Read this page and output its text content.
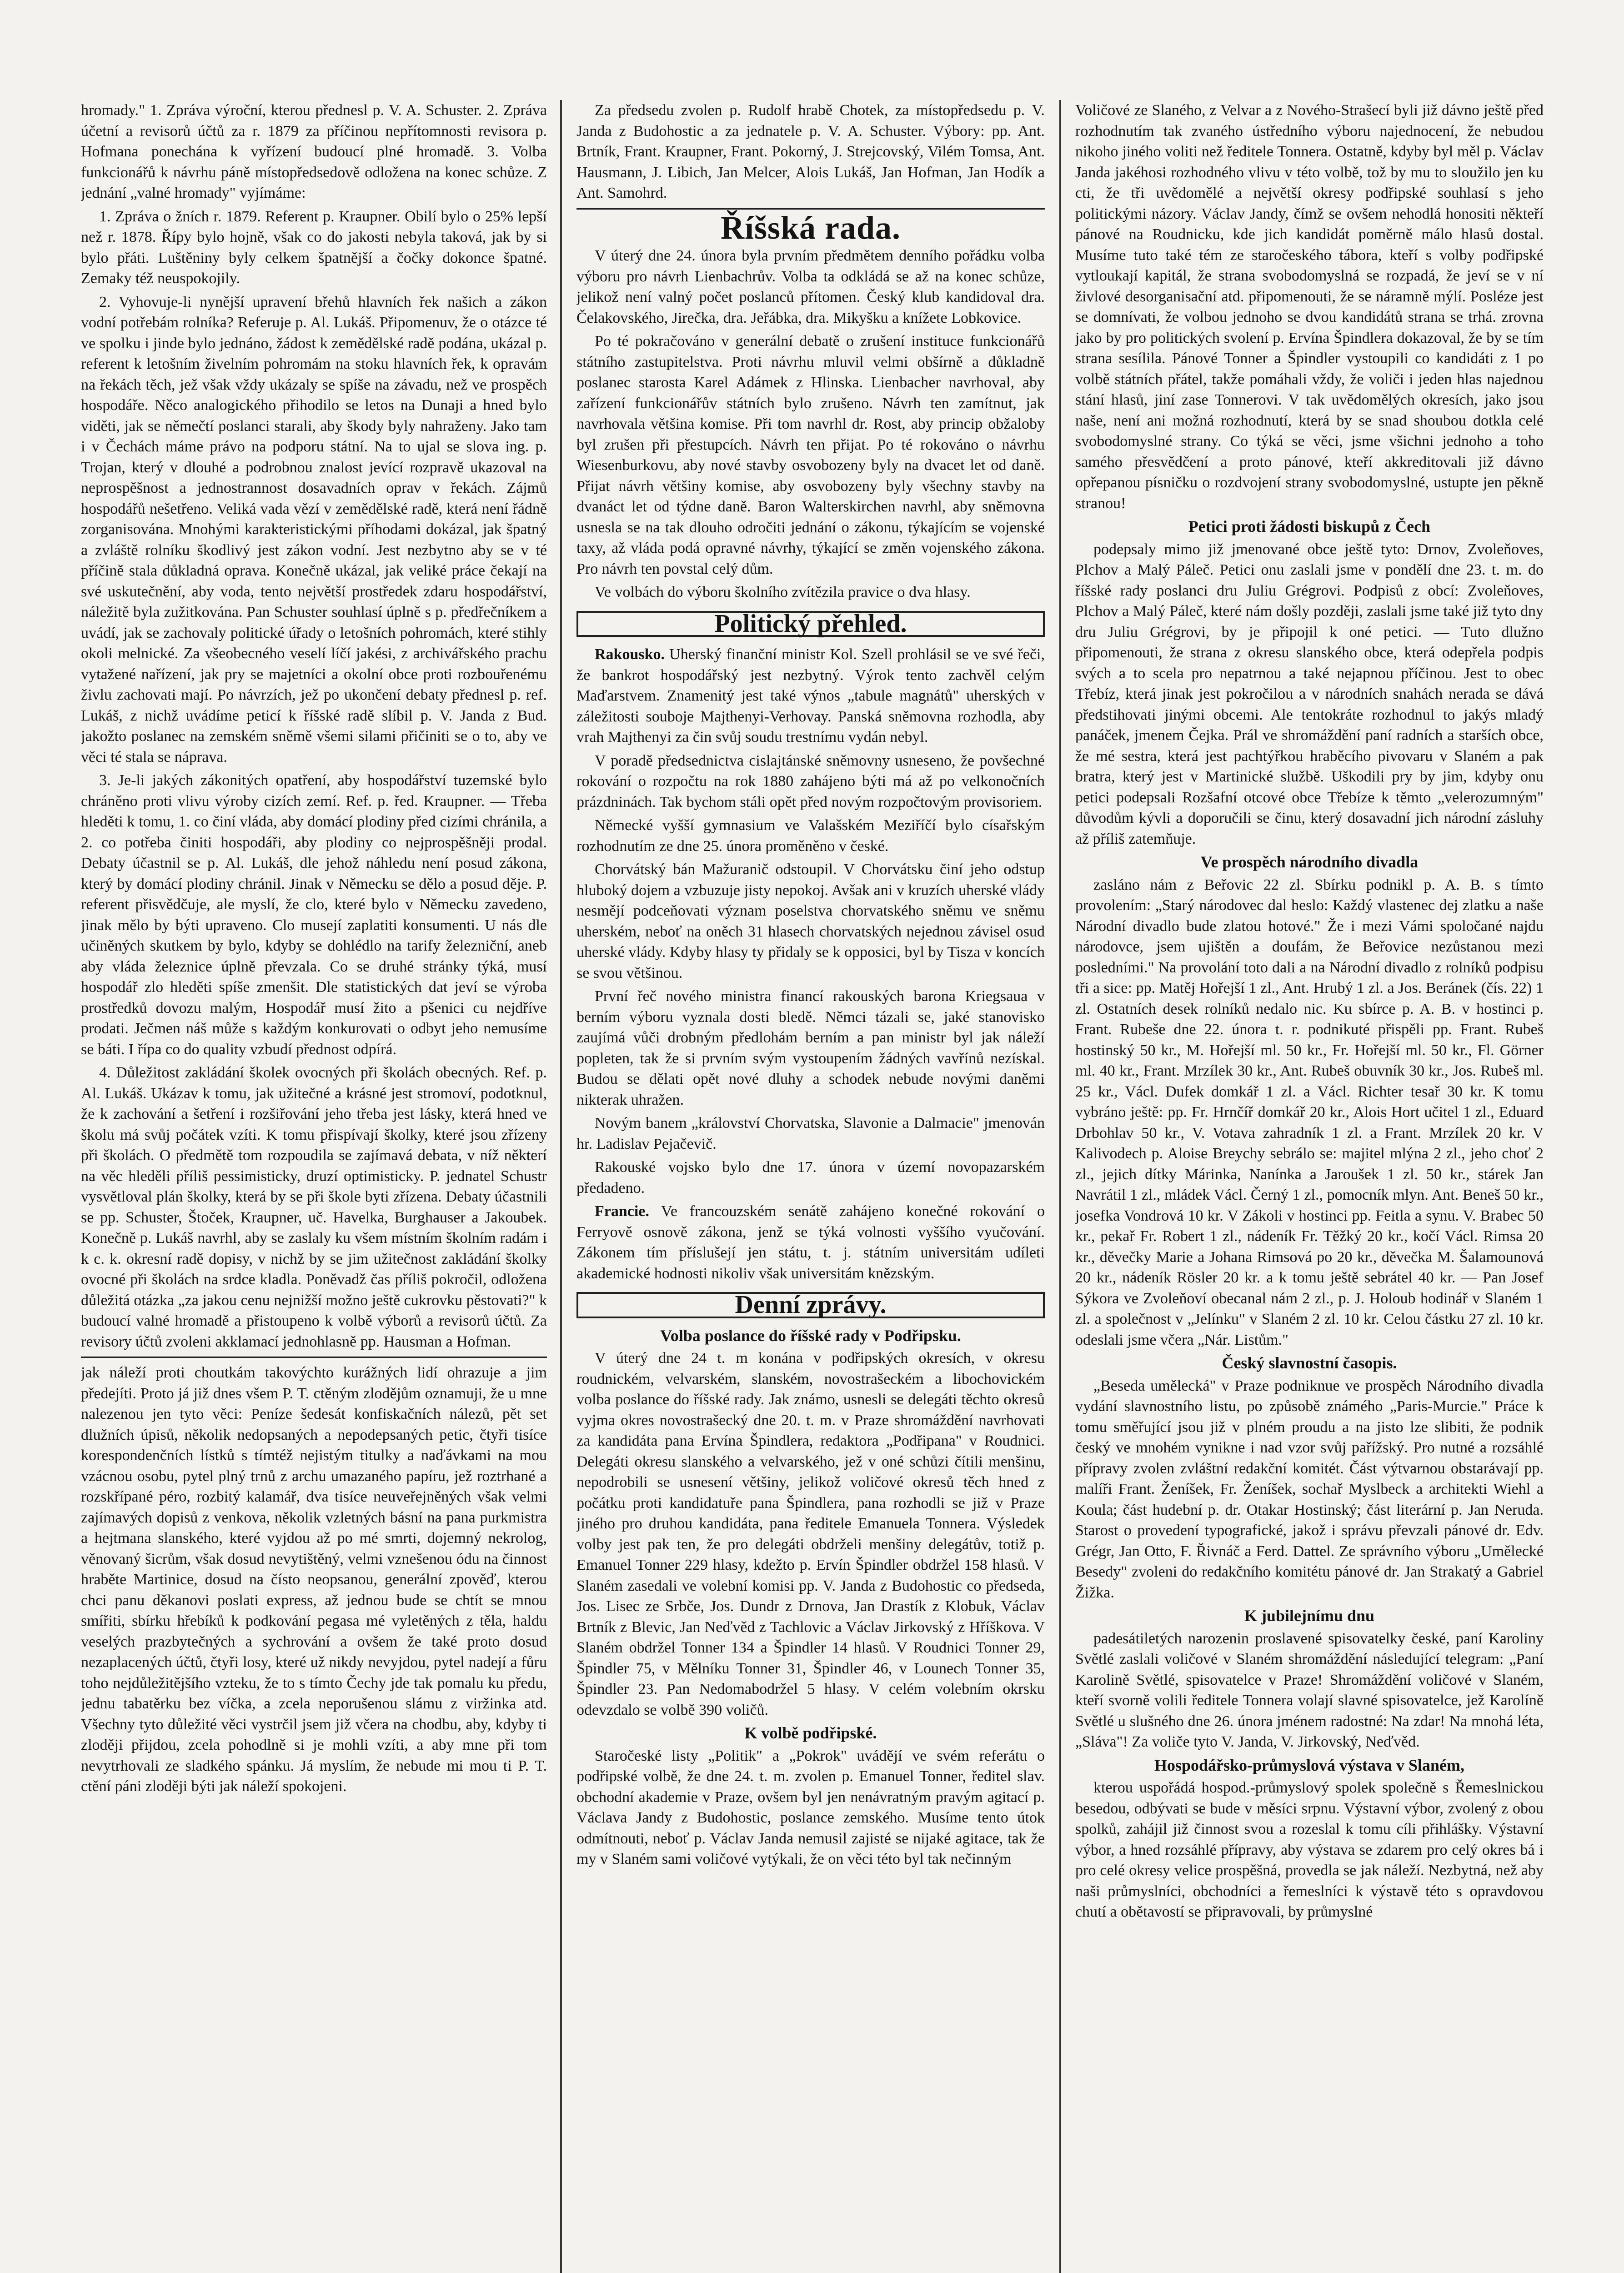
hromady." 1. Zpráva výroční, kterou přednesl p. V. A. Schuster. 2. Zpráva účetní a revisorů účtů za r. 1879 za příčinou nepřítomnosti revisora p. Hofmana ponechána k vyřízení budoucí plné hromadě. 3. Volba funkcionářů k návrhu páně místopředsedově odložena na konec schůze. Z jednání „valné hromady" vyjímáme:

1. Zpráva o žních r. 1879. Referent p. Kraupner. Obilí bylo o 25% lepší než r. 1878. Řípy bylo hojně, však co do jakosti nebyla taková, jak by si bylo přáti. Luštěniny byly celkem špatnější a čočky dokonce špatné. Zemaky též neuspokojily.

2. Vyhovuje-li nynější upravení břehů hlavních řek našich a zákon vodní potřebám rolníka? Referuje p. Al. Lukáš. Připomenuv, že o otázce té ve spolku i jinde bylo jednáno, žádost k zemědělské radě podána, ukázal p. referent k letošním živelním pohromám na stoku hlavních řek, k opravám na řekách těch, jež však vždy ukázaly se spíše na závadu, než ve prospěch hospodáře. Něco analogického přihodilo se letos na Dunaji a hned bylo viděti, jak se němečtí poslanci starali, aby škody byly nahraženy. Jako tam i v Čechách máme právo na podporu státní. Na to ujal se slova ing. p. Trojan, který v dlouhé a podrobnou znalost jevící rozpravě ukazoval na neprospěšnost a jednostrannost dosavadních oprav v řekách. Zájmů hospodářů nešetřeno. Veliká vada vězí v zemědělské radě, která není řádně zorganisována. Mnohými karakteristickými příhodami dokázal, jak špatný a zvláště rolníku škodlivý jest zákon vodní. Jest nezbytno aby se v té příčině stala důkladná oprava. Konečně ukázal, jak veliké práce čekají na své uskutečnění, aby voda, tento největší prostředek zdaru hospodářství, náležitě byla zužitkována. Pan Schuster souhlasí úplně s p. předřečníkem a uvádí, jak se zachovaly politické úřady o letošních pohromách, které stihly okoli melnické. Za všeobecného veselí líčí jakési, z archivářského prachu vytažené nařízení, jak pry se majetníci a okolní obce proti rozbouřenému živlu zachovati mají. Po návrzích, jež po ukončení debaty přednesl p. ref. Lukáš, z nichž uvádíme peticí k říšské radě slíbil p. V. Janda z Bud. jakožto poslanec na zemském sněmě všemi silami přičiniti se o to, aby ve věci té stala se náprava.

3. Je-li jakých zákonitých opatření, aby hospodářství tuzemské bylo chráněno proti vlivu výroby cizích zemí. Ref. p. řed. Kraupner. — Třeba hleděti k tomu, 1. co činí vláda, aby domácí plodiny před cizími chránila, a 2. co potřeba činiti hospodáři, aby plodiny co nejprospěšněji prodal. Debaty účastnil se p. Al. Lukáš, dle jehož náhledu není posud zákona, který by domácí plodiny chránil. Jinak v Německu se dělo a posud děje. P. referent přisvědčuje, ale myslí, že clo, které bylo v Německu zavedeno, jinak mělo by býti upraveno. Clo musejí zaplatiti konsumenti. U nás dle učiněných skutkem by bylo, kdyby se dohlédlo na tarify železniční, aneb aby vláda železnice úplně převzala. Co se druhé stránky týká, musí hospodář zlo hleděti spíše zmenšit. Dle statistických dat jeví se výroba prostředků dovozu malým, Hospodář musí žito a pšenici cu nejdříve prodati. Ječmen náš může s každým konkurovati o odbyt jeho nemusíme se báti. I řípa co do quality vzbudí přednost odpírá.

4. Důležitost zakládání školek ovocných při školách obecných. Ref. p. Al. Lukáš. Ukázav k tomu, jak užitečné a krásné jest stromoví, podotknul, že k zachování a šetření i rozšiřování jeho třeba jest lásky, která hned ve školu má svůj počátek vzíti. K tomu přispívají školky, které jsou zřízeny při školách. O předmětě tom rozpoudila se zajímavá debata, v níž některí na věc hleděli příliš pessimisticky, druzí optimisticky. P. jednatel Schustr vysvětloval plán školky, která by se při škole byti zřízena. Debaty účastnili se pp. Schuster, Štoček, Kraupner, uč. Havelka, Burghauser a Jakoubek. Konečně p. Lukáš navrhl, aby se zaslaly ku všem místním školním radám i k c. k. okresní radě dopisy, v nichž by se jim užitečnost zakládání školky ovocné při školách na srdce kladla. Poněvadž čas příliš pokročil, odložena důležitá otázka „za jakou cenu nejnižší možno ještě cukrovku pěstovati?" k budoucí valné hromadě a přistoupeno k volbě výborů a revisorů účtů. Za revisory účtů zvoleni akklamací jednohlasně pp. Hausman a Hofman.

jak náleží proti choutkám takovýchto kurážných lidí ohrazuje a jim předejíti. Proto já již dnes všem P. T. ctěným zlodějům oznamuji, že u mne nalezenou jen tyto věci: Peníze šedesát konfiskačních nálezů, pět set dlužních úpisů, několik nedopsaných a nepodepsaných petic, čtyři tisíce korespondenčních lístků s tímtéž nejistým titulky a naďávkami na mou vzácnou osobu, pytel plný trnů z archu umazaného papíru, jež roztrhané a rozskřípané péro, rozbitý kalamář, dva tisíce neuveřejněných však velmi zajímavých dopisů z venkova, několik vzletných básní na pana purkmistra a hejtmana slanského, které vyjdou až po mé smrti, dojemný nekrolog, věnovaný šicrům, však dosud nevytištěný, velmi vznešenou ódu na činnost hraběte Martinice, dosud na čísto neopsanou, generální zpověď, kterou chci panu děkanovi poslati express, až jednou bude se chtít se mnou smířiti, sbírku hřebíků k podkování pegasa mé vyletěných z těla, haldu veselých prazbytečných a sychrování a ovšem že také proto dosud nezaplacených účtů, čtyři losy, které už nikdy nevyjdou, pytel nadejí a fůru toho nejdůležitějšího vzteku, že to s tímto Čechy jde tak pomalu ku předu, jednu tabatěrku bez víčka, a zcela neporušenou slámu z viržinka atd. Všechny tyto důležité věci vystrčil jsem již včera na chodbu, aby, kdyby ti zloději přijdou, zcela pohodlně si je mohli vzíti, a aby mne při tom nevytrhovali ze sladkého spánku. Já myslím, že nebude mi mou ti P. T. ctění páni zloději býti jak náleží spokojeni.

Za předsedu zvolen p. Rudolf hrabě Chotek, za místopředsedu p. V. Janda z Budohostic a za jednatele p. V. A. Schuster. Výbory: pp. Ant. Brtník, Frant. Kraupner, Frant. Pokorný, J. Strejcovský, Vilém Tomsa, Ant. Hausmann, J. Libich, Jan Melcer, Alois Lukáš, Jan Hofman, Jan Hodík a Ant. Samohrd.

Říšská rada.

V úterý dne 24. února byla prvním předmětem denního pořádku volba výboru pro návrh Lienbachrův. Volba ta odkládá se až na konec schůze, jelikož není valný počet poslanců přítomen. Český klub kandidoval dra. Čelakovského, Jirečka, dra. Jeřábka, dra. Mikyšku a knížete Lobkovice.

Po té pokračováno v generální debatě o zrušení instituce funkcionářů státního zastupitelstva. Proti návrhu mluvil velmi obšírně a důkladně poslanec starosta Karel Adámek z Hlinska. Lienbacher navrhoval, aby zařízení funkcionářův státních bylo zrušeno. Návrh ten zamítnut, jak navrhovala většina komise. Při tom navrhl dr. Rost, aby princip obžaloby byl zrušen při přestupcích. Návrh ten přijat. Po té rokováno o návrhu Wiesenburkovu, aby nové stavby osvobozeny byly na dvacet let od daně. Přijat návrh většiny komise, aby osvobozeny byly všechny stavby na dvanáct let od týdne daně. Baron Walterskirchen navrhl, aby sněmovna usnesla se na tak dlouho odročiti jednání o zákonu, týkajícím se vojenské taxy, až vláda podá opravné návrhy, týkající se změn vojenského zákona. Pro návrh ten povstal celý dům.

Ve volbách do výboru školního zvítězila pravice o dva hlasy.

Politický přehled.

Rakousko. Uherský finanční ministr Kol. Szell prohlásil se ve své řeči, že bankrot hospodářský jest nezbytný. Výrok tento zachvěl celým Maďarstvem. Znamenitý jest také výnos „tabule magnátů" uherských v záležitosti souboje Majthenyi-Verhovay. Panská sněmovna rozhodla, aby vrah Majthenyi za čin svůj soudu trestnímu vydán nebyl.

V poradě předsednictva cislajtánské sněmovny usneseno, že povšechné rokování o rozpočtu na rok 1880 zahájeno býti má až po velkonočních prázdninách. Tak bychom stáli opět před novým rozpočtovým provisoriem.

Německé vyšší gymnasium ve Valašském Meziříčí bylo císařským rozhodnutím ze dne 25. února proměněno v české.

Chorvátský bán Mažuranič odstoupil. V Chorvátsku činí jeho odstup hluboký dojem a vzbuzuje jisty nepokoj. Avšak ani v kruzích uherské vlády nesmějí podceňovati význam poselstva chorvatského sněmu ve sněmu uherském, neboť na oněch 31 hlasech chorvatských nejednou závisel osud uherské vlády. Kdyby hlasy ty přidaly se k opposici, byl by Tisza v koncích se svou většinou.

První řeč nového ministra financí rakouských barona Kriegsaua v berním výboru vyznala dosti bledě. Němci tázali se, jaké stanovisko zaujímá vůči drobným předlohám berním a pan ministr byl jak náleží popleten, tak že si prvním svým vystoupením žádných vavřínů nezískal. Budou se dělati opět nové dluhy a schodek nebude novými daněmi nikterak uhražen.

Novým banem „království Chorvatska, Slavonie a Dalmacie" jmenován hr. Ladislav Pejačevič.

Rakouské vojsko bylo dne 17. února v území novopazarském předadeno.

Francie. Ve francouzském senátě zahájeno konečné rokování o Ferryově osnově zákona, jenž se týká volnosti vyššího vyučování. Zákonem tím příslušejí jen státu, t. j. státním universitám udíleti akademické hodnosti nikoliv však universitám knězským.

Denní zprávy.
Volba poslance do říšské rady v Podřipsku.

V úterý dne 24 t. m konána v podřipských okresích, v okresu roudnickém, velvarském, slanském, novostrašeckém a libochovickém volba poslance do říšské rady. Jak známo, usnesli se delegáti těchto okresů vyjma okres novostrašecký dne 20. t. m. v Praze shromáždění navrhovati za kandidáta pana Ervína Špindlera, redaktora „Podřipana" v Roudnici. Delegáti okresu slanského a velvarského, jež v oné schůzi čítili menšinu, nepodrobili se usnesení většiny, jelikož voličové okresů těch hned z počátku proti kandidatuře pana Špindlera, pana rozhodli se již v Praze jiného pro druhou kandidáta, pana ředitele Emanuela Tonnera. Výsledek volby jest pak ten, že pro delegáti obdrželi menšiny delegátův, totiž p. Emanuel Tonner 229 hlasy, kdežto p. Ervín Špindler obdržel 158 hlasů. V Slaném zasedali ve volební komisi pp. V. Janda z Budohostic co předseda, Jos. Lisec ze Srbče, Jos. Dundr z Drnova, Jan Drastík z Klobuk, Václav Brtník z Blevic, Jan Neďvěd z Tachlovic a Václav Jirkovský z Hříškova. V Slaném obdržel Tonner 134 a Špindler 14 hlasů. V Roudnici Tonner 29, Špindler 75, v Mělníku Tonner 31, Špindler 46, v Lounech Tonner 35, Špindler 23. Pan Nedomabodržel 5 hlasy. V celém volebním okrsku odevzdalo se volbě 390 voličů.

K volbě podřipské.

Staročeské listy „Politik" a „Pokrok" uvádějí ve svém referátu o podřipské volbě, že dne 24. t. m. zvolen p. Emanuel Tonner, ředitel slav. obchodní akademie v Praze, ovšem byl jen nenávratným pravým agitací p. Václava Jandy z Budohostic, poslance zemského. Musíme tento útok odmítnouti, neboť p. Václav Janda nemusil zajisté se nijaké agitace, tak že my v Slaném sami voličové vytýkali, že on věci této byl tak nečinným

Voličové ze Slaného, z Velvar a z Nového-Strašecí byli již dávno ještě před rozhodnutím tak zvaného ústředního výboru najednocení, že nebudou nikoho jiného voliti než ředitele Tonnera. Ostatně, kdyby byl měl p. Václav Janda jakéhosi rozhodného vlivu v této volbě, tož by mu to sloužilo jen ku cti, že tři uvědomělé a největší okresy podřipské souhlasí s jeho politickými názory. Václav Jandy, čímž se ovšem nehodlá honositi někteří pánové na Roudnicku, kde jich kandidát poměrně málo hlasů dostal. Musíme tuto také tém ze staročeského tábora, kteří s volby podřipské vytloukají kapitál, že strana svobodomyslná se rozpadá, že jeví se v ní živlové desorganisační atd. připomenouti, že se náramně mýlí. Posléze jest se domnívati, že volbou jednoho se dvou kandidátů strana se trhá. zrovna jako by pro politických svolení p. Ervína Špindlera dokazoval, že by se tím strana sesílila. Pánové Tonner a Špindler vystoupili co kandidáti z 1 po volbě státních přátel, takže pomáhali vždy, že voliči i jeden hlas najednou stání hlasů, jiní zase Tonnerovi. V tak uvědomělých okresích, jako jsou naše, není ani možná rozhodnutí, která by se snad shoubou dotkla celé svobodomyslné strany. Co týká se věci, jsme všichni jednoho a toho samého přesvědčení a proto pánové, kteří akkreditovali již dávno opřepanou písničku o rozdvojení strany svobodomyslné, ustupte jen pěkně stranou!

Petici proti žádosti biskupů z Čech

podepsaly mimo již jmenované obce ještě tyto: Drnov, Zvoleňoves, Plchov a Malý Páleč. Petici onu zaslali jsme v pondělí dne 23. t. m. do říšské rady poslanci dru Juliu Grégrovi. Podpisů z obcí: Zvoleňoves, Plchov a Malý Páleč, které nám došly později, zaslali jsme také již tyto dny dru Juliu Grégrovi, by je připojil k oné petici. — Tuto dlužno připomenouti, že strana z okresu slanského obce, která odepřela podpis svých a to scela pro nepatrnou a také nejapnou příčinou. Jest to obec Třebíz, která jinak jest pokročilou a v národních snahách nerada se dává předstihovati jinými obcemi. Ale tentokráte rozhodnul to jakýs mladý panáček, jmenem Čejka. Prál ve shromáždění paní radních a starších obce, že mé sestra, která jest pachtýřkou hraběcího pivovaru v Slaném a pak bratra, který jest v Martinické službě. Uškodili pry by jim, kdyby onu petici podepsali Rozšafní otcové obce Třebíze k těmto „velerozumným" důvodům kývli a doporučili se činu, který dosavadní jich národní zásluhy až příliš zatemňuje.

Ve prospěch národního divadla

zasláno nám z Beřovic 22 zl. Sbírku podnikl p. A. B. s tímto provolením: „Starý národovec dal heslo: Každý vlastenec dej zlatku a naše Národní divadlo bude zlatou hotové." Že i mezi Vámi spoločané najdu národovce, jsem ujištěn a doufám, že Beřovice nezůstanou mezi posledními." Na provolání toto dali a na Národní divadlo z rolníků podpisu tři a sice: pp. Matěj Hořejší 1 zl., Ant. Hrubý 1 zl. a Jos. Beránek (čís. 22) 1 zl. Ostatních desek rolníků nedalo nic. Ku sbírce p. A. B. v hostinci p. Frant. Rubeše dne 22. února t. r. podnikuté přispěli pp. Frant. Rubeš hostinský 50 kr., M. Hořejší ml. 50 kr., Fr. Hořejší ml. 50 kr., Fl. Görner ml. 40 kr., Frant. Mrzílek 30 kr., Ant. Rubeš obuvník 30 kr., Jos. Rubeš ml. 25 kr., Václ. Dufek domkář 1 zl. a Václ. Richter tesař 30 kr. K tomu vybráno ještě: pp. Fr. Hrnčíř domkář 20 kr., Alois Hort učitel 1 zl., Eduard Drbohlav 50 kr., V. Votava zahradník 1 zl. a Frant. Mrzílek 20 kr. V Kalivodech p. Aloise Breychy sebrálo se: majitel mlýna 2 zl., jeho choť 2 zl., jejich dítky Márinka, Nanínka a Jaroušek 1 zl. 50 kr., stárek Jan Navrátil 1 zl., mládek Václ. Černý 1 zl., pomocník mlyn. Ant. Beneš 50 kr., josefka Vondrová 10 kr. V Zákoli v hostinci pp. Feitla a synu. V. Brabec 50 kr., pekař Fr. Robert 1 zl., nádeník Fr. Těžký 20 kr., kočí Václ. Rimsa 20 kr., děvečky Marie a Johana Rimsová po 20 kr., děvečka M. Šalamounová 20 kr., nádeník Rösler 20 kr. a k tomu ještě sebrátel 40 kr. — Pan Josef Sýkora ve Zvoleňoví obecanal nám 2 zl., p. J. Holoub hodinář v Slaném 1 zl. a společnost v „Jelínku" v Slaném 2 zl. 10 kr. Celou částku 27 zl. 10 kr. odeslali jsme včera „Nár. Listům."

Český slavnostní časopis.

„Beseda umělecká" v Praze podniknue ve prospěch Národního divadla vydání slavnostního listu, po způsobě známého „Paris-Murcie." Práce k tomu směřující jsou již v plném proudu a na jisto lze slibiti, že podnik český ve mnohém vynikne i nad vzor svůj pařížský. Pro nutné a rozsáhlé přípravy zvolen zvláštní redakční komitét. Část výtvarnou obstarávají pp. malíři Frant. Ženíšek, Fr. Ženíšek, sochař Myslbeck a architekti Wiehl a Koula; část hudební p. dr. Otakar Hostinský; část literární p. Jan Neruda. Starost o provedení typografické, jakož i správu převzali pánové dr. Edv. Grégr, Jan Otto, F. Řivnáč a Ferd. Dattel. Ze správního výboru „Umělecké Besedy" zvoleni do redakčního komitétu pánové dr. Jan Strakatý a Gabriel Žižka.

K jubilejnímu dnu

padesátiletých narozenin proslavené spisovatelky české, paní Karoliny Světlé zaslali voličové v Slaném shromáždění následující telegram: „Paní Karolině Světlé, spisovatelce v Praze! Shromáždění voličové v Slaném, kteří svorně volili ředitele Tonnera volají slavné spisovatelce, jež Karolíně Světlé u slušného dne 26. února jménem radostné: Na zdar! Na mnohá léta, „Sláva"! Za voliče tyto V. Janda, V. Jirkovský, Neďvěd.

Hospodářsko-průmyslová výstava v Slaném,

kterou uspořádá hospod.-průmyslový spolek společně s Řemeslnickou besedou, odbývati se bude v měsíci srpnu. Výstavní výbor, zvolený z obou spolků, zahájil již činnost svou a rozeslal k tomu cíli přihlášky. Výstavní výbor, a hned rozsáhlé přípravy, aby výstava se zdarem pro celý okres bá i pro celé okresy velice prospěšná, provedla se jak náleží. Nezbytná, než aby naši průmyslníci, obchodníci a řemeslníci k výstavě této s opravdovou chutí a obětavostí se připravovali, by průmyslné
